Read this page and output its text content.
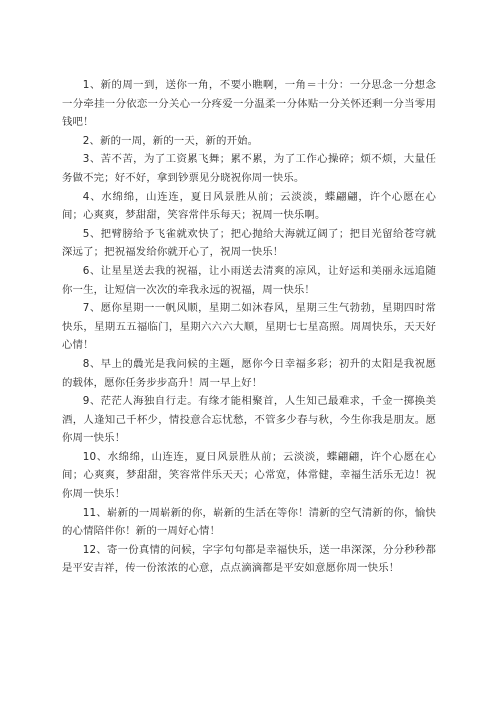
1、新的周一到，送你一角，不要小瞧啊，一角＝十分：一分思念一分想念一分牵挂一分依恋一分关心一分疼爱一分温柔一分体贴一分关怀还剩一分当零用钱吧！

2、新的一周，新的一天，新的开始。

3、苦不苦，为了工资累飞舞；累不累，为了工作心操碎；烦不烦，大量任务做不完；好不好，拿到钞票见分晓祝你周一快乐。

4、水绵绵，山连连，夏日风景胜从前；云淡淡，蝶翩翩，许个心愿在心间；心爽爽，梦甜甜，笑容常伴乐每天；祝周一快乐啊。

5、把臂膀给予飞雀就欢快了；把心抛给大海就辽阔了；把目光留给苍穹就深远了；把祝福发给你就开心了，祝周一快乐！

6、让星星送去我的祝福，让小雨送去清爽的凉风，让好运和美丽永远追随你一生，让短信一次次的牵我永远的祝福，周一快乐！

7、愿你星期一一帆风顺，星期二如沐春风，星期三生气勃勃，星期四时常快乐，星期五五福临门，星期六六六大顺，星期七七星高照。周周快乐，天天好心情！

8、早上的曟光是我问候的主题，愿你今日幸福多彩；初升的太阳是我祝愿的载体，愿你任务步步高升！周一早上好！

9、茫茫人海独自行走。有缘才能相聚首，人生知己最难求，千金一掷换美酒，人逢知己千杯少，情投意合忘忧愁，不管多少春与秋，今生你我是朋友。愿你周一快乐！

10、水绵绵，山连连，夏日风景胜从前；云淡淡，蝶翩翩，许个心愿在心间；心爽爽，梦甜甜，笑容常伴乐天天；心常宽，体常健，幸福生活乐无边！祝你周一快乐！

11、崭新的一周崭新的你，崭新的生活在等你！清新的空气清新的你，愉快的心情陪伴你！新的一周好心情！

12、寄一份真情的问候，字字句句都是幸福快乐，送一串深深，分分秒秒都是平安吉祥，传一份浓浓的心意，点点滴滴都是平安如意愿你周一快乐！
